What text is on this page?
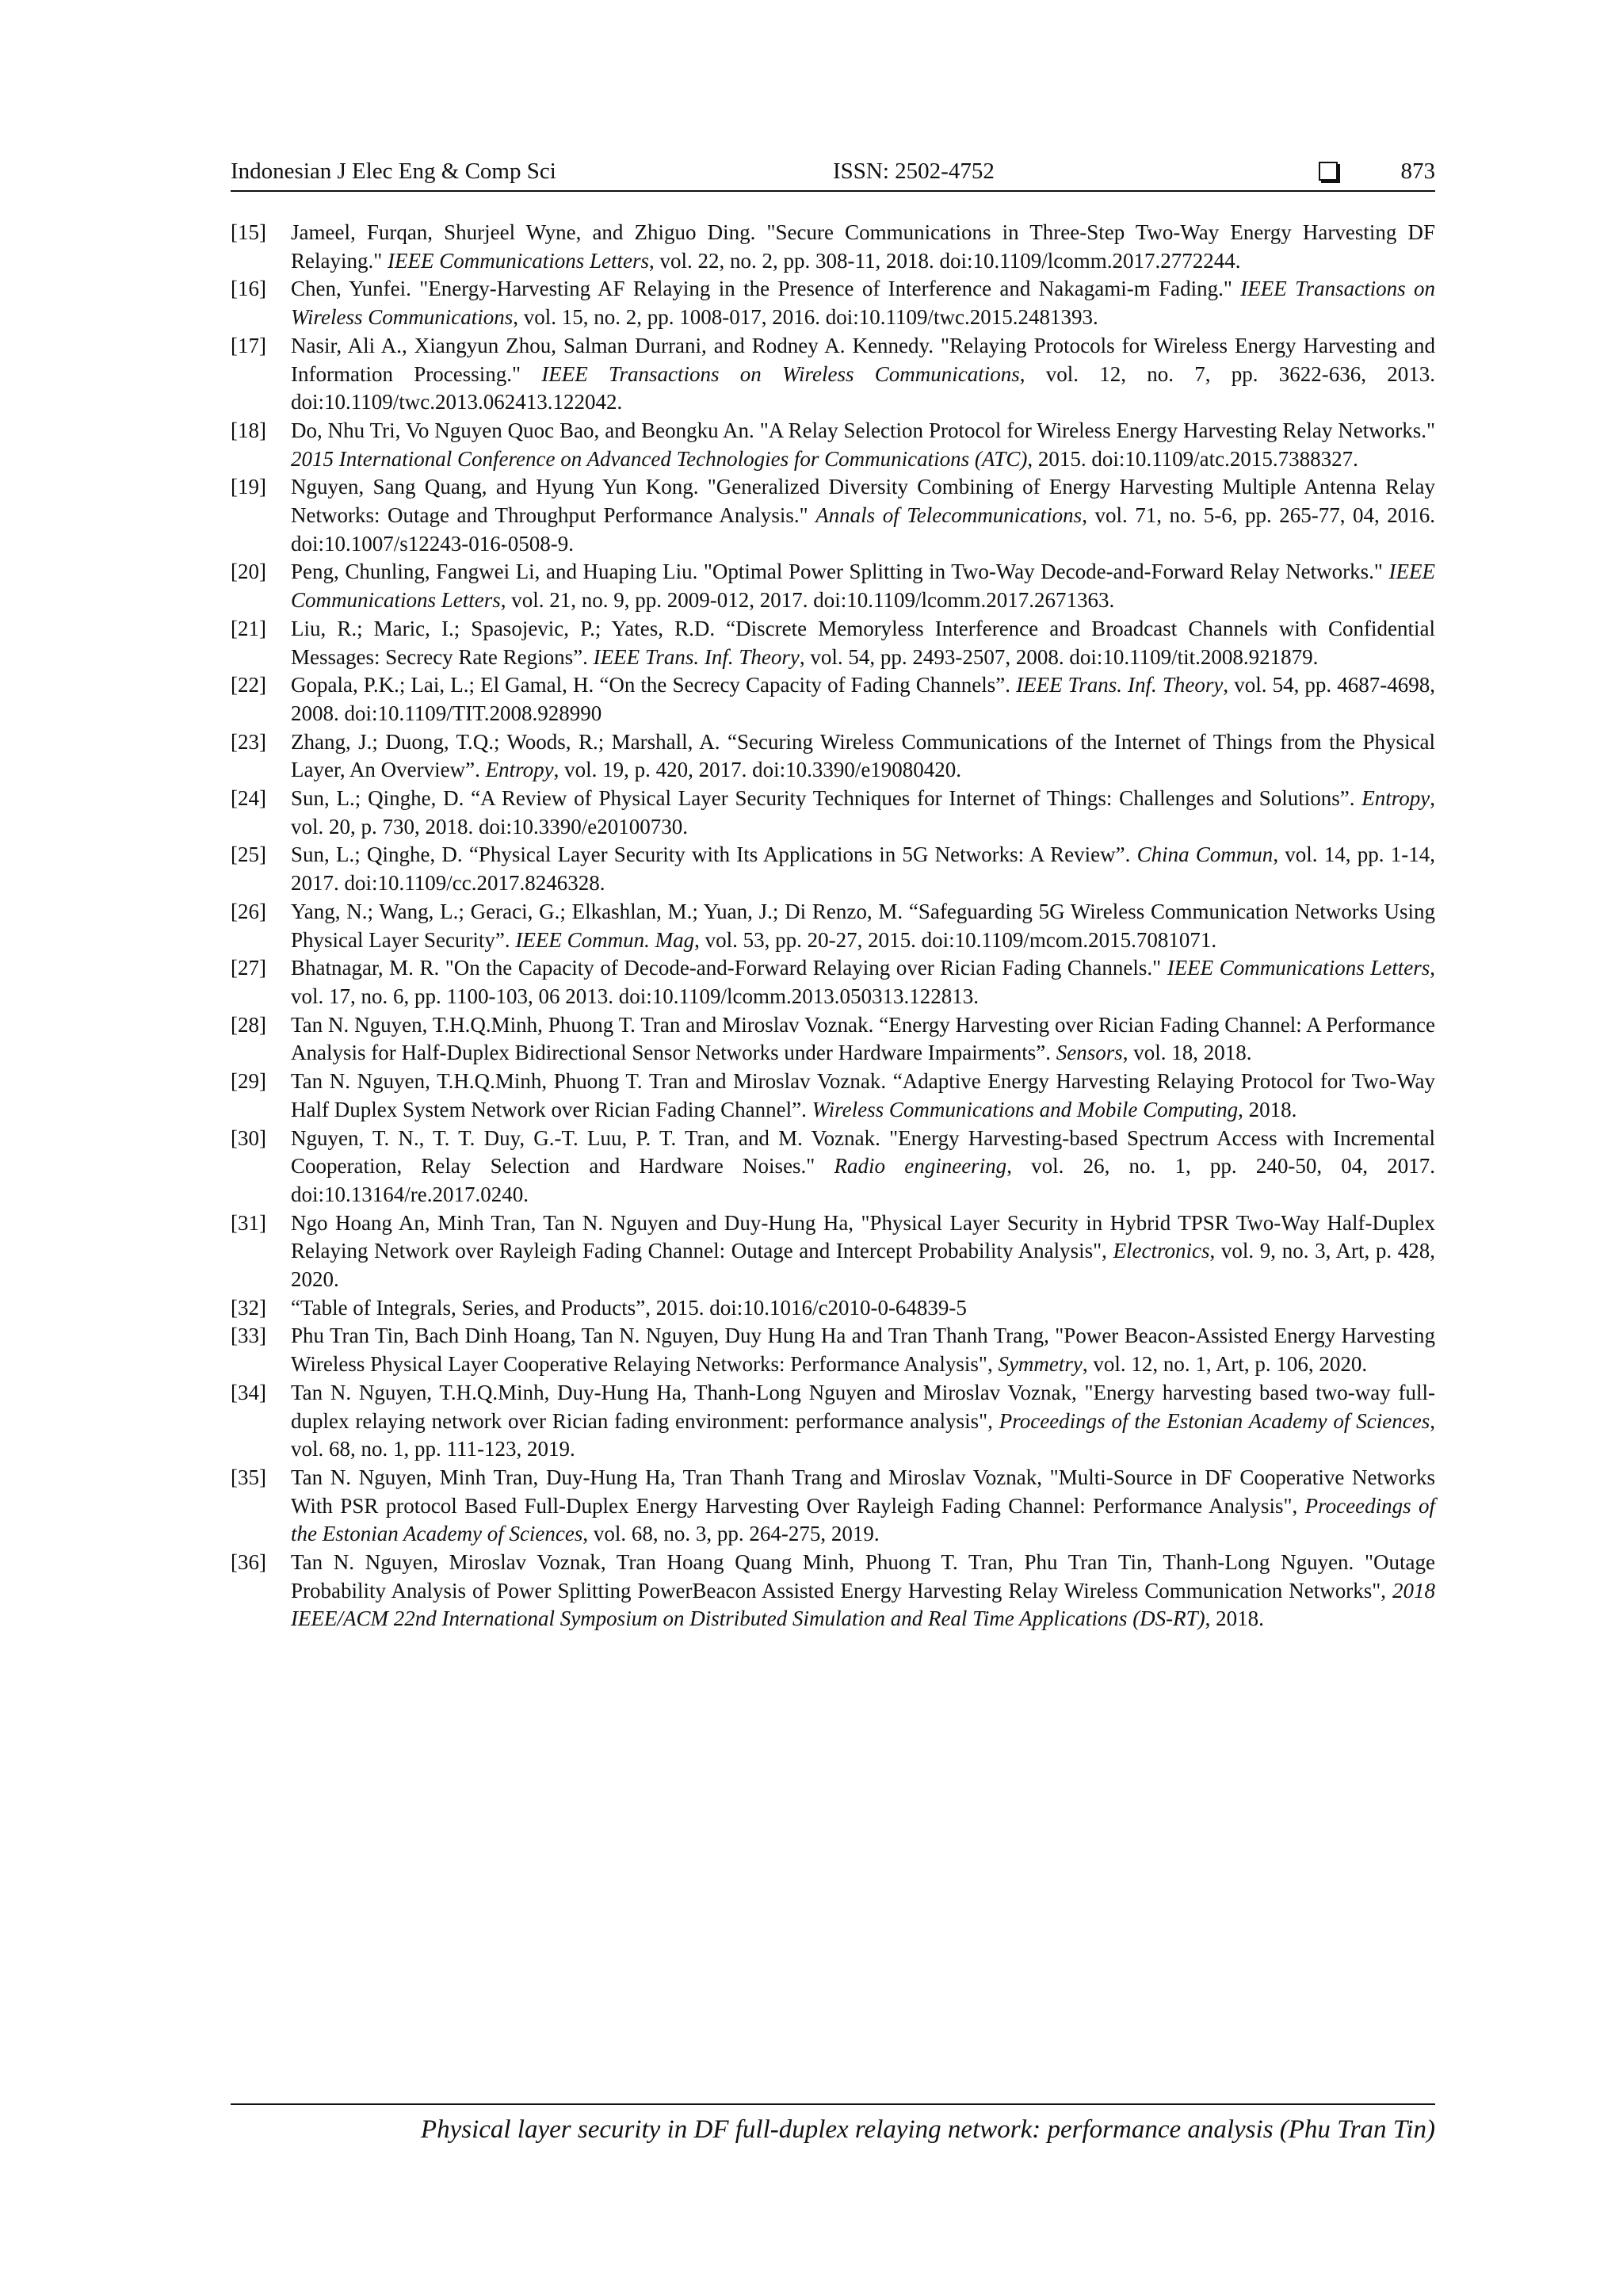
Indonesian J Elec Eng & Comp Sci	ISSN: 2502-4752	873
[15] Jameel, Furqan, Shurjeel Wyne, and Zhiguo Ding. "Secure Communications in Three-Step Two-Way Energy Harvesting DF Relaying." IEEE Communications Letters, vol. 22, no. 2, pp. 308-11, 2018. doi:10.1109/lcomm.2017.2772244.
[16] Chen, Yunfei. "Energy-Harvesting AF Relaying in the Presence of Interference and Nakagami-m Fading." IEEE Transactions on Wireless Communications, vol. 15, no. 2, pp. 1008-017, 2016. doi:10.1109/twc.2015.2481393.
[17] Nasir, Ali A., Xiangyun Zhou, Salman Durrani, and Rodney A. Kennedy. "Relaying Protocols for Wireless Energy Harvesting and Information Processing." IEEE Transactions on Wireless Communications, vol. 12, no. 7, pp. 3622-636, 2013. doi:10.1109/twc.2013.062413.122042.
[18] Do, Nhu Tri, Vo Nguyen Quoc Bao, and Beongku An. "A Relay Selection Protocol for Wireless Energy Harvesting Relay Networks." 2015 International Conference on Advanced Technologies for Communications (ATC), 2015. doi:10.1109/atc.2015.7388327.
[19] Nguyen, Sang Quang, and Hyung Yun Kong. "Generalized Diversity Combining of Energy Harvesting Multiple Antenna Relay Networks: Outage and Throughput Performance Analysis." Annals of Telecommunications, vol. 71, no. 5-6, pp. 265-77, 04, 2016. doi:10.1007/s12243-016-0508-9.
[20] Peng, Chunling, Fangwei Li, and Huaping Liu. "Optimal Power Splitting in Two-Way Decode-and-Forward Relay Networks." IEEE Communications Letters, vol. 21, no. 9, pp. 2009-012, 2017. doi:10.1109/lcomm.2017.2671363.
[21] Liu, R.; Maric, I.; Spasojevic, P.; Yates, R.D. “Discrete Memoryless Interference and Broadcast Channels with Confidential Messages: Secrecy Rate Regions”. IEEE Trans. Inf. Theory, vol. 54, pp. 2493-2507, 2008. doi:10.1109/tit.2008.921879.
[22] Gopala, P.K.; Lai, L.; El Gamal, H. “On the Secrecy Capacity of Fading Channels”. IEEE Trans. Inf. Theory, vol. 54, pp. 4687-4698, 2008. doi:10.1109/TIT.2008.928990
[23] Zhang, J.; Duong, T.Q.; Woods, R.; Marshall, A. “Securing Wireless Communications of the Internet of Things from the Physical Layer, An Overview”. Entropy, vol. 19, p. 420, 2017. doi:10.3390/e19080420.
[24] Sun, L.; Qinghe, D. “A Review of Physical Layer Security Techniques for Internet of Things: Challenges and Solutions”. Entropy, vol. 20, p. 730, 2018. doi:10.3390/e20100730.
[25] Sun, L.; Qinghe, D. “Physical Layer Security with Its Applications in 5G Networks: A Review”. China Commun, vol. 14, pp. 1-14, 2017. doi:10.1109/cc.2017.8246328.
[26] Yang, N.; Wang, L.; Geraci, G.; Elkashlan, M.; Yuan, J.; Di Renzo, M. “Safeguarding 5G Wireless Communication Networks Using Physical Layer Security”. IEEE Commun. Mag, vol. 53, pp. 20-27, 2015. doi:10.1109/mcom.2015.7081071.
[27] Bhatnagar, M. R. "On the Capacity of Decode-and-Forward Relaying over Rician Fading Channels." IEEE Communications Letters, vol. 17, no. 6, pp. 1100-103, 06 2013. doi:10.1109/lcomm.2013.050313.122813.
[28] Tan N. Nguyen, T.H.Q.Minh, Phuong T. Tran and Miroslav Voznak. “Energy Harvesting over Rician Fading Channel: A Performance Analysis for Half-Duplex Bidirectional Sensor Networks under Hardware Impairments”. Sensors, vol. 18, 2018.
[29] Tan N. Nguyen, T.H.Q.Minh, Phuong T. Tran and Miroslav Voznak. “Adaptive Energy Harvesting Relaying Protocol for Two-Way Half Duplex System Network over Rician Fading Channel”. Wireless Communications and Mobile Computing, 2018.
[30] Nguyen, T. N., T. T. Duy, G.-T. Luu, P. T. Tran, and M. Voznak. "Energy Harvesting-based Spectrum Access with Incremental Cooperation, Relay Selection and Hardware Noises." Radio engineering, vol. 26, no. 1, pp. 240-50, 04, 2017. doi:10.13164/re.2017.0240.
[31] Ngo Hoang An, Minh Tran, Tan N. Nguyen and Duy-Hung Ha, "Physical Layer Security in Hybrid TPSR Two-Way Half-Duplex Relaying Network over Rayleigh Fading Channel: Outage and Intercept Probability Analysis", Electronics, vol. 9, no. 3, Art, p. 428, 2020.
[32] “Table of Integrals, Series, and Products”, 2015. doi:10.1016/c2010-0-64839-5
[33] Phu Tran Tin, Bach Dinh Hoang, Tan N. Nguyen, Duy Hung Ha and Tran Thanh Trang, "Power Beacon-Assisted Energy Harvesting Wireless Physical Layer Cooperative Relaying Networks: Performance Analysis", Symmetry, vol. 12, no. 1, Art, p. 106, 2020.
[34] Tan N. Nguyen, T.H.Q.Minh, Duy-Hung Ha, Thanh-Long Nguyen and Miroslav Voznak, "Energy harvesting based two-way full-duplex relaying network over Rician fading environment: performance analysis", Proceedings of the Estonian Academy of Sciences, vol. 68, no. 1, pp. 111-123, 2019.
[35] Tan N. Nguyen, Minh Tran, Duy-Hung Ha, Tran Thanh Trang and Miroslav Voznak, "Multi-Source in DF Cooperative Networks With PSR protocol Based Full-Duplex Energy Harvesting Over Rayleigh Fading Channel: Performance Analysis", Proceedings of the Estonian Academy of Sciences, vol. 68, no. 3, pp. 264-275, 2019.
[36] Tan N. Nguyen, Miroslav Voznak, Tran Hoang Quang Minh, Phuong T. Tran, Phu Tran Tin, Thanh-Long Nguyen. "Outage Probability Analysis of Power Splitting PowerBeacon Assisted Energy Harvesting Relay Wireless Communication Networks", 2018 IEEE/ACM 22nd International Symposium on Distributed Simulation and Real Time Applications (DS-RT), 2018.
Physical layer security in DF full-duplex relaying network: performance analysis (Phu Tran Tin)
